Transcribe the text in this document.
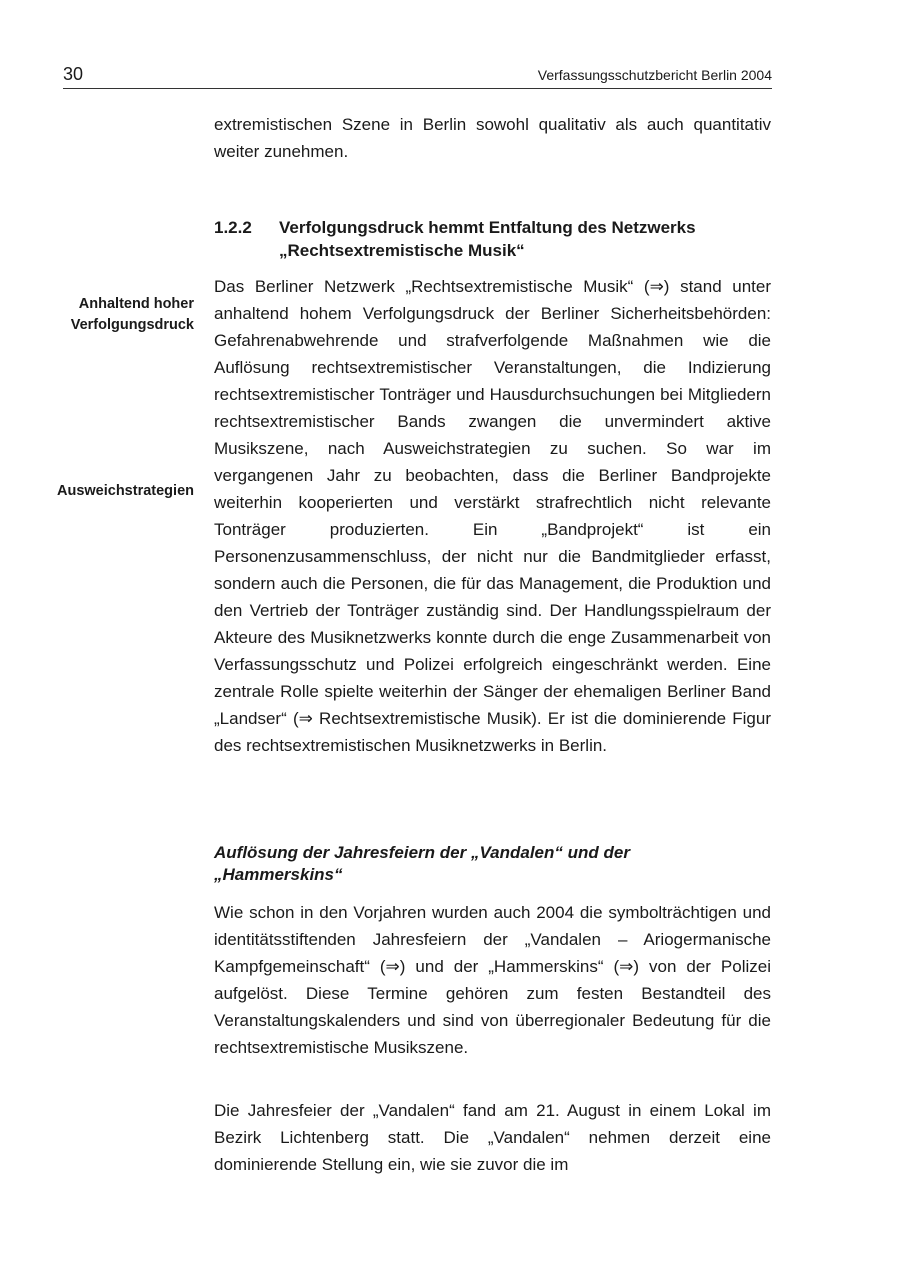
30	Verfassungsschutzbericht Berlin 2004

extremistischen Szene in Berlin sowohl qualitativ als auch quantitativ weiter zunehmen.

1.2.2 Verfolgungsdruck hemmt Entfaltung des Netzwerks
„Rechtsextremistische Musik“
Anhaltend hoher
Verfolgungsdruck
Ausweichstrategien

Das Berliner Netzwerk „Rechtsextremistische Musik“ (⇒) stand unter anhaltend hohem Verfolgungsdruck der Berliner Sicherheitsbehörden: Gefahrenabwehrende und strafverfolgende Maßnahmen wie die Auflösung rechtsextremistischer Veranstaltungen, die Indizierung rechtsextremistischer Tonträger und Hausdurchsuchungen bei Mitgliedern rechtsextremistischer Bands zwangen die unvermindert aktive Musikszene, nach Ausweichstrategien zu suchen. So war im vergangenen Jahr zu beobachten, dass die Berliner Bandprojekte weiterhin kooperierten und verstärkt strafrechtlich nicht relevante Tonträger produzierten. Ein „Bandprojekt“ ist ein Personenzusammenschluss, der nicht nur die Bandmitglieder erfasst, sondern auch die Personen, die für das Management, die Produktion und den Vertrieb der Tonträger zuständig sind. Der Handlungsspielraum der Akteure des Musiknetzwerks konnte durch die enge Zusammenarbeit von Verfassungsschutz und Polizei erfolgreich eingeschränkt werden. Eine zentrale Rolle spielte weiterhin der Sänger der ehemaligen Berliner Band „Landser“ (⇒ Rechtsextremistische Musik). Er ist die dominierende Figur des rechtsextremistischen Musiknetzwerks in Berlin.

Auflösung der Jahresfeiern der „Vandalen“ und der
„Hammerskins“

Wie schon in den Vorjahren wurden auch 2004 die symbolträchtigen und identitätsstiftenden Jahresfeiern der „Vandalen – Ariogermanische Kampfgemeinschaft“ (⇒) und der „Hammerskins“ (⇒) von der Polizei aufgelöst. Diese Termine gehören zum festen Bestandteil des Veranstaltungskalenders und sind von überregionaler Bedeutung für die rechtsextremistische Musikszene.

Die Jahresfeier der „Vandalen“ fand am 21. August in einem Lokal im Bezirk Lichtenberg statt. Die „Vandalen“ nehmen derzeit eine dominierende Stellung ein, wie sie zuvor die im
